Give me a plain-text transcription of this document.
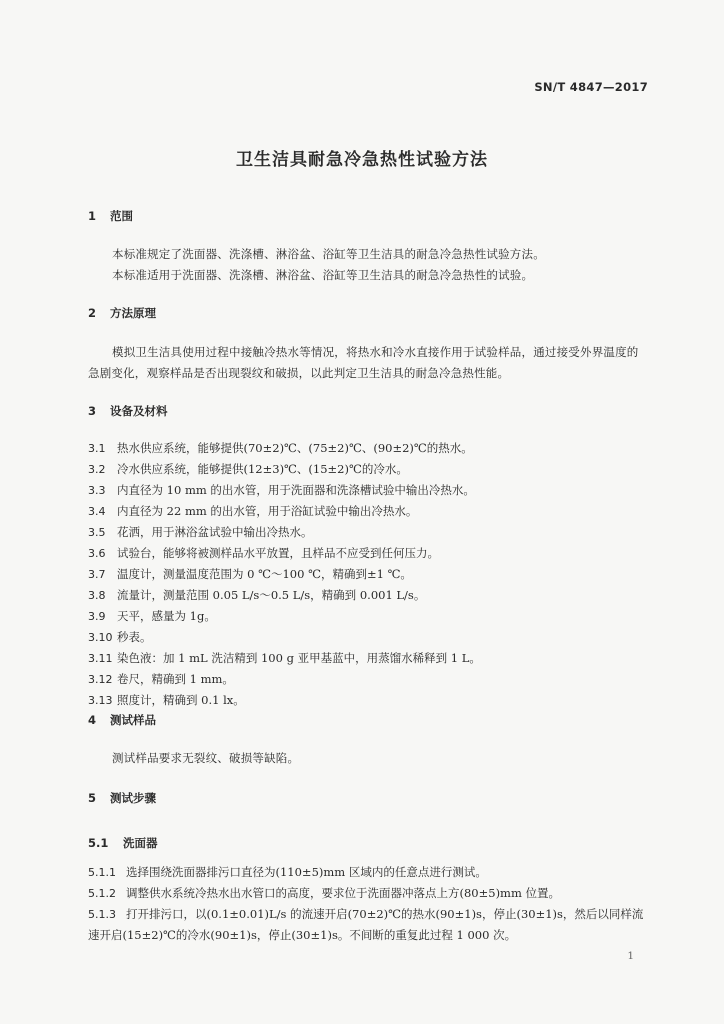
SN/T 4847—2017
卫生洁具耐急冷急热性试验方法
1 范围
本标准规定了洗面器、洗涤槽、淋浴盆、浴缸等卫生洁具的耐急冷急热性试验方法。
本标准适用于洗面器、洗涤槽、淋浴盆、浴缸等卫生洁具的耐急冷急热性的试验。
2 方法原理
模拟卫生洁具使用过程中接触冷热水等情况，将热水和冷水直接作用于试验样品，通过接受外界温度的急剧变化，观察样品是否出现裂纹和破损，以此判定卫生洁具的耐急冷急热性能。
3 设备及材料
3.1 热水供应系统，能够提供(70±2)℃、(75±2)℃、(90±2)℃的热水。
3.2 冷水供应系统，能够提供(12±3)℃、(15±2)℃的冷水。
3.3 内直径为 10 mm 的出水管，用于洗面器和洗涤槽试验中输出冷热水。
3.4 内直径为 22 mm 的出水管，用于浴缸试验中输出冷热水。
3.5 花洒，用于淋浴盆试验中输出冷热水。
3.6 试验台，能够将被测样品水平放置，且样品不应受到任何压力。
3.7 温度计，测量温度范围为 0 ℃～100 ℃，精确到±1 ℃。
3.8 流量计，测量范围 0.05 L/s～0.5 L/s，精确到 0.001 L/s。
3.9 天平，感量为 1g。
3.10 秒表。
3.11 染色液：加 1 mL 洗洁精到 100 g 亚甲基蓝中，用蒸馏水稀释到 1 L。
3.12 卷尺，精确到 1 mm。
3.13 照度计，精确到 0.1 lx。
4 测试样品
测试样品要求无裂纹、破损等缺陷。
5 测试步骤
5.1 洗面器
5.1.1 选择围绕洗面器排污口直径为(110±5)mm 区域内的任意点进行测试。
5.1.2 调整供水系统冷热水出水管口的高度，要求位于洗面器冲落点上方(80±5)mm 位置。
5.1.3 打开排污口，以(0.1±0.01)L/s 的流速开启(70±2)℃的热水(90±1)s，停止(30±1)s，然后以同样流速开启(15±2)℃的冷水(90±1)s，停止(30±1)s。不间断的重复此过程 1 000 次。
1
